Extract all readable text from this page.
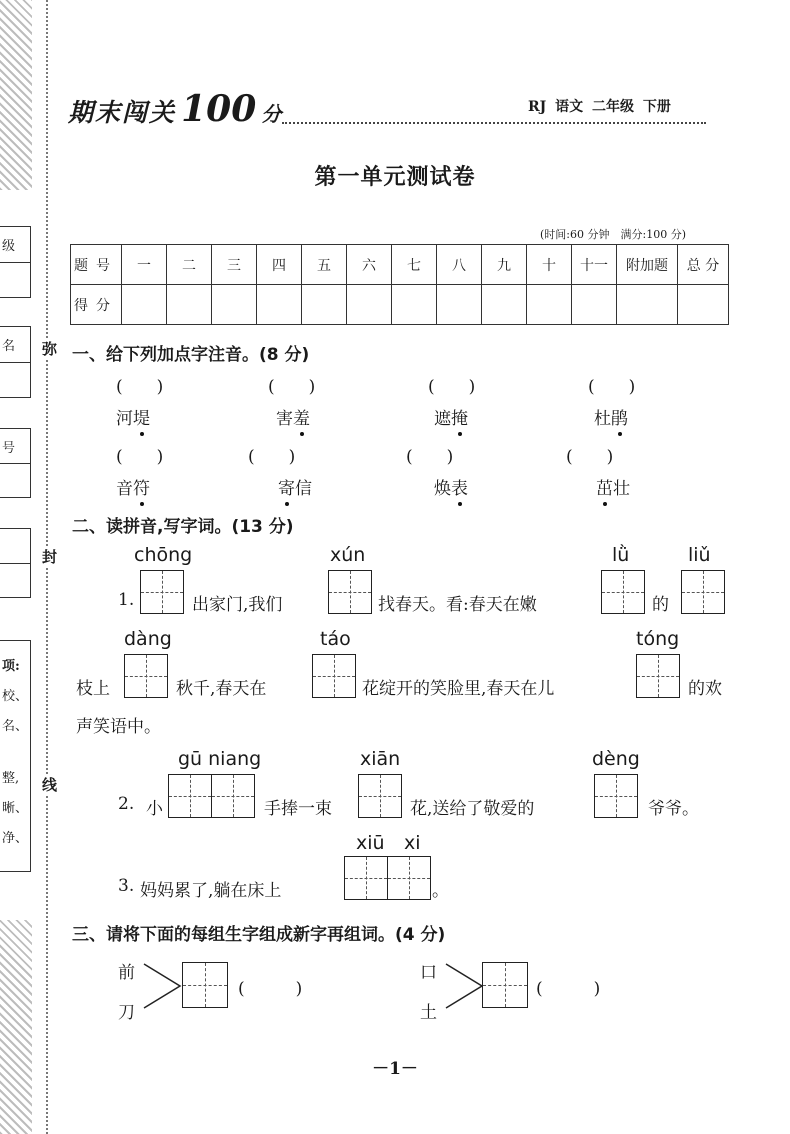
级
名
号
项:
校、
名、
整,
晰、
净、
弥
封
线
期末闯关 100 分	RJ 语文 二年级 下册
第一单元测试卷
(时间:60 分钟　满分:100 分)
题号	一	二	三	四	五	六	七	八	九	十	十一	附加题	总 分
得分													
一、给下列加点字注音。(8 分)
(　　)	(　　)	(　　)	(　　)
河堤	害羞	遮掩	杜鹃
(　　)	(　　)	(　　)	(　　)
音符	寄信	焕表	茁壮
二、读拼音,写字词。(13 分)
chōng	xún	lǜ	liǔ
1.	出家门,我们	找春天。看:春天在嫩	的
dàng	táo	tóng
枝上	秋千,春天在	花绽开的笑脸里,春天在儿	的欢
声笑语中。
gū niang	xiān	dèng
2. 小	手捧一束	花,送给了敬爱的	爷爷。
xiū xi
3. 妈妈累了,躺在床上	。
三、请将下面的每组生字组成新字再组词。(4 分)
前
刀
(　　　)
口
土
(　　　)
－1－
